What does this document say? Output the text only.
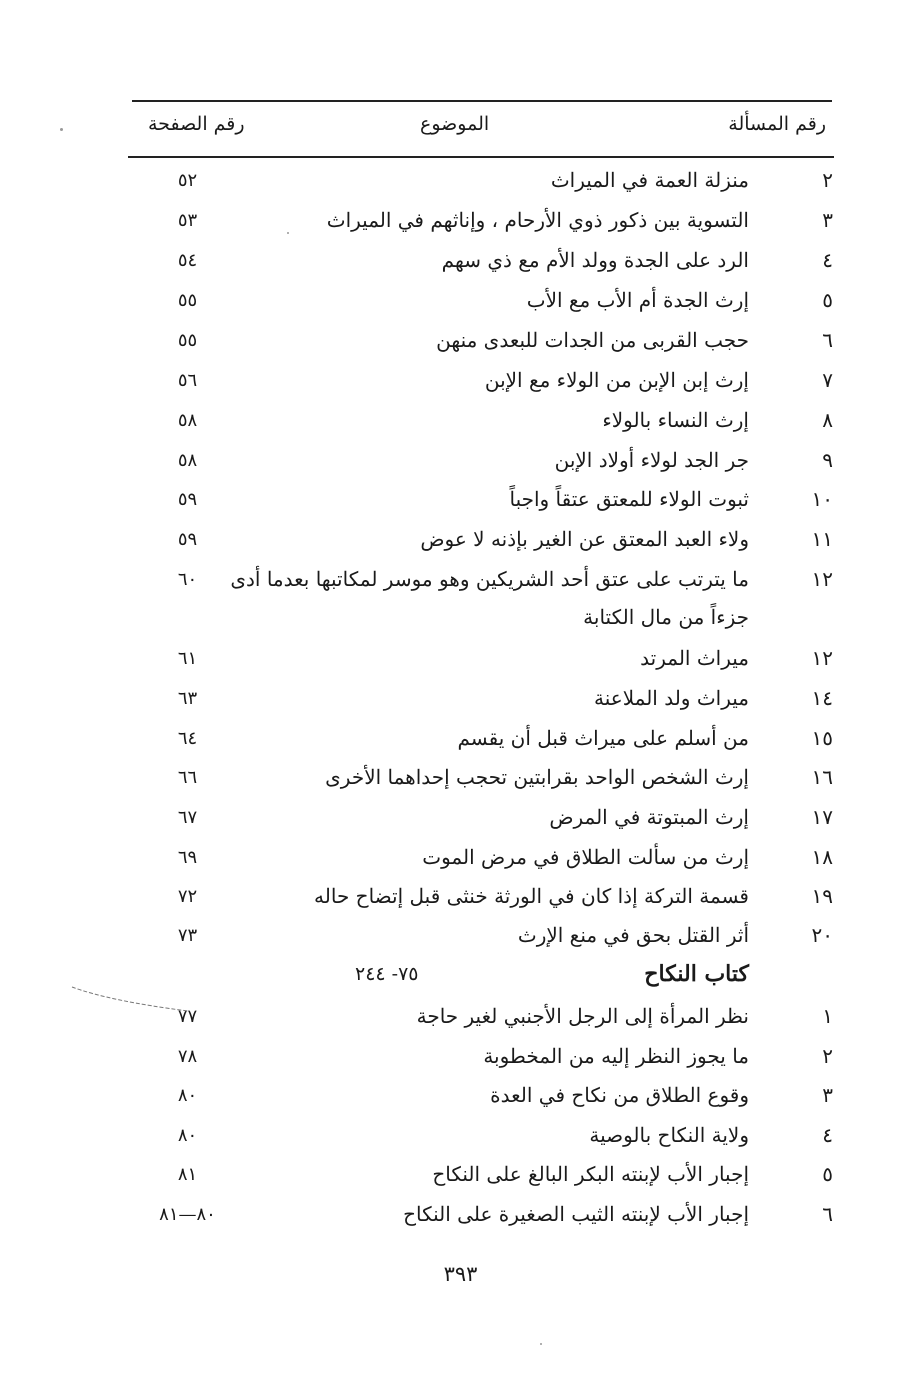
رقم المسألة
الموضوع
رقم الصفحة
٢
منزلة العمة في الميراث
٥٢
٣
التسوية بين ذكور ذوي الأرحام ، وإناثهم في الميراث
٥٣
٤
الرد على الجدة وولد الأم مع ذي سهم
٥٤
٥
إرث الجدة أم الأب مع الأب
٥٥
٦
حجب القربى من الجدات للبعدى منهن
٥٥
٧
إرث إبن الإبن من الولاء مع الإبن
٥٦
٨
إرث النساء بالولاء
٥٨
٩
جر الجد لولاء أولاد الإبن
٥٨
١٠
ثبوت الولاء للمعتق عتقاً واجباً
٥٩
١١
ولاء العبد المعتق عن الغير بإذنه لا عوض
٥٩
١٢
ما يترتب على عتق أحد الشريكين وهو موسر لمكاتبها بعدما أدى
٦٠
جزءاً من مال الكتابة
١٢
ميراث المرتد
٦١
١٤
ميراث ولد الملاعنة
٦٣
١٥
من أسلم على ميراث قبل أن يقسم
٦٤
١٦
إرث الشخص الواحد بقرابتين تحجب إحداهما الأخرى
٦٦
١٧
إرث المبتوتة في المرض
٦٧
١٨
إرث من سألت الطلاق في مرض الموت
٦٩
١٩
قسمة التركة إذا كان في الورثة خنثى قبل إتضاح حاله
٧٢
٢٠
أثر القتل بحق في منع الإرث
٧٣
كتاب النكاح
٧٥- ٢٤٤
١
نظر المرأة إلى الرجل الأجنبي لغير حاجة
٧٧
٢
ما يجوز النظر إليه من المخطوبة
٧٨
٣
وقوع الطلاق من نكاح في العدة
٨٠
٤
ولاية النكاح بالوصية
٨٠
٥
إجبار الأب لإبنته البكر البالغ على النكاح
٨١
٦
إجبار الأب لإبنته الثيب الصغيرة على النكاح
٨٠—٨١
٣٩٣
